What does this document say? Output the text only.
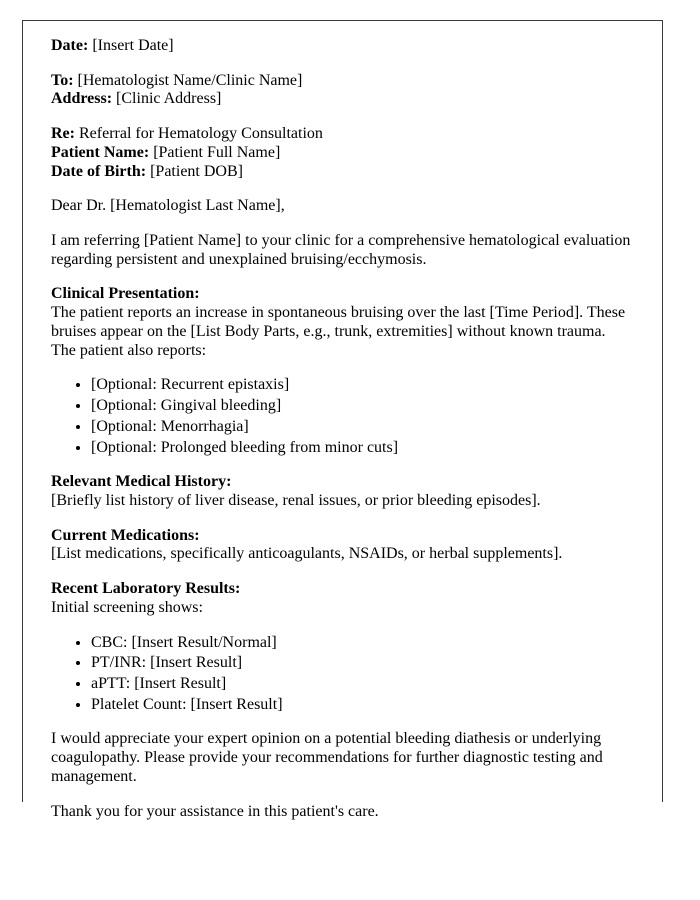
Date: [Insert Date]

To: [Hematologist Name/Clinic Name]
Address: [Clinic Address]

Re: Referral for Hematology Consultation
Patient Name: [Patient Full Name]
Date of Birth: [Patient DOB]

Dear Dr. [Hematologist Last Name],

I am referring [Patient Name] to your clinic for a comprehensive hematological evaluation regarding persistent and unexplained bruising/ecchymosis.

Clinical Presentation:
The patient reports an increase in spontaneous bruising over the last [Time Period]. These bruises appear on the [List Body Parts, e.g., trunk, extremities] without known trauma. The patient also reports:

• [Optional: Recurrent epistaxis]
• [Optional: Gingival bleeding]
• [Optional: Menorrhagia]
• [Optional: Prolonged bleeding from minor cuts]

Relevant Medical History:
[Briefly list history of liver disease, renal issues, or prior bleeding episodes].

Current Medications:
[List medications, specifically anticoagulants, NSAIDs, or herbal supplements].

Recent Laboratory Results:
Initial screening shows:

• CBC: [Insert Result/Normal]
• PT/INR: [Insert Result]
• aPTT: [Insert Result]
• Platelet Count: [Insert Result]

I would appreciate your expert opinion on a potential bleeding diathesis or underlying coagulopathy. Please provide your recommendations for further diagnostic testing and management.

Thank you for your assistance in this patient's care.
